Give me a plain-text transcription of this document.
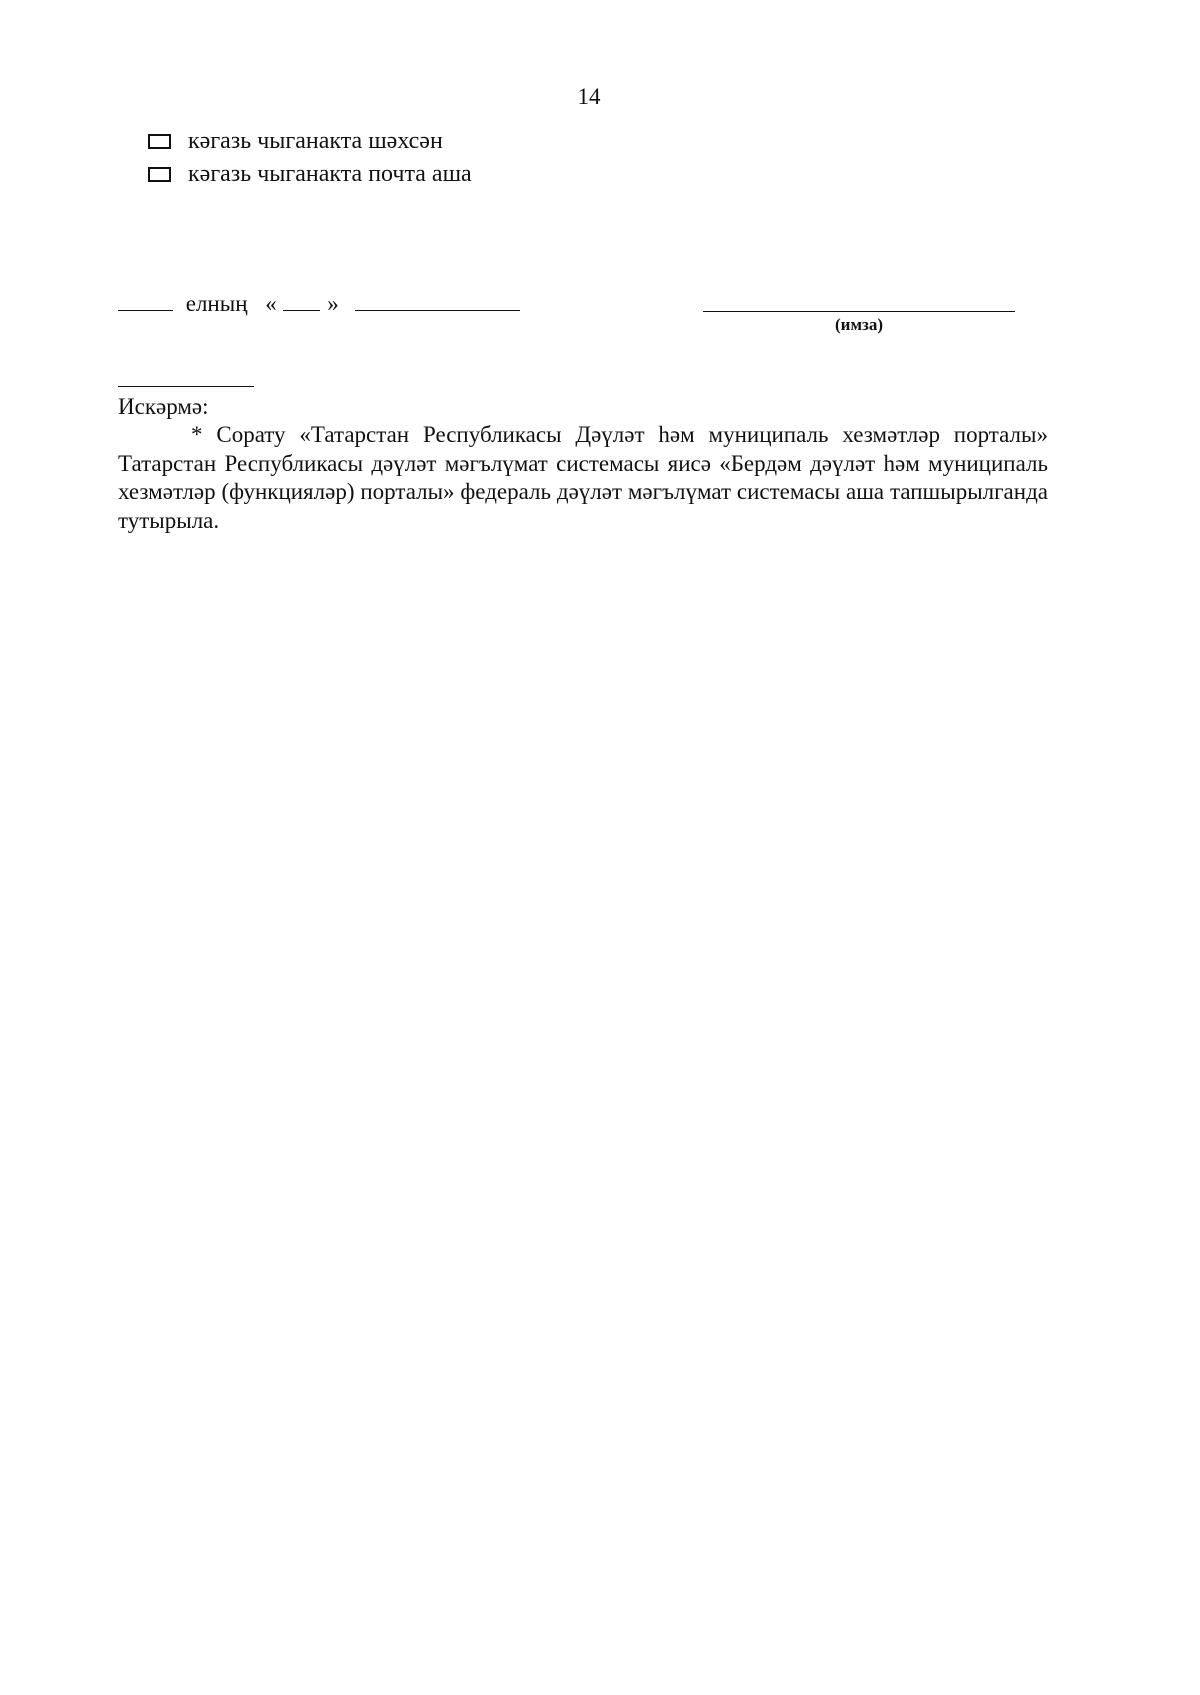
14
кәгазь чыганакта шәхсән
кәгазь чыганакта почта аша
елның « »
(имза)
Искәрмә:
* Сорату «Татарстан Республикасы Дәүләт һәм муниципаль хезмәтләр порталы» Татарстан Республикасы дәүләт мәгълүмат системасы яисә «Бердәм дәүләт һәм муниципаль хезмәтләр (функцияләр) порталы» федераль дәүләт мәгълүмат системасы аша тапшырылганда тутырыла.
